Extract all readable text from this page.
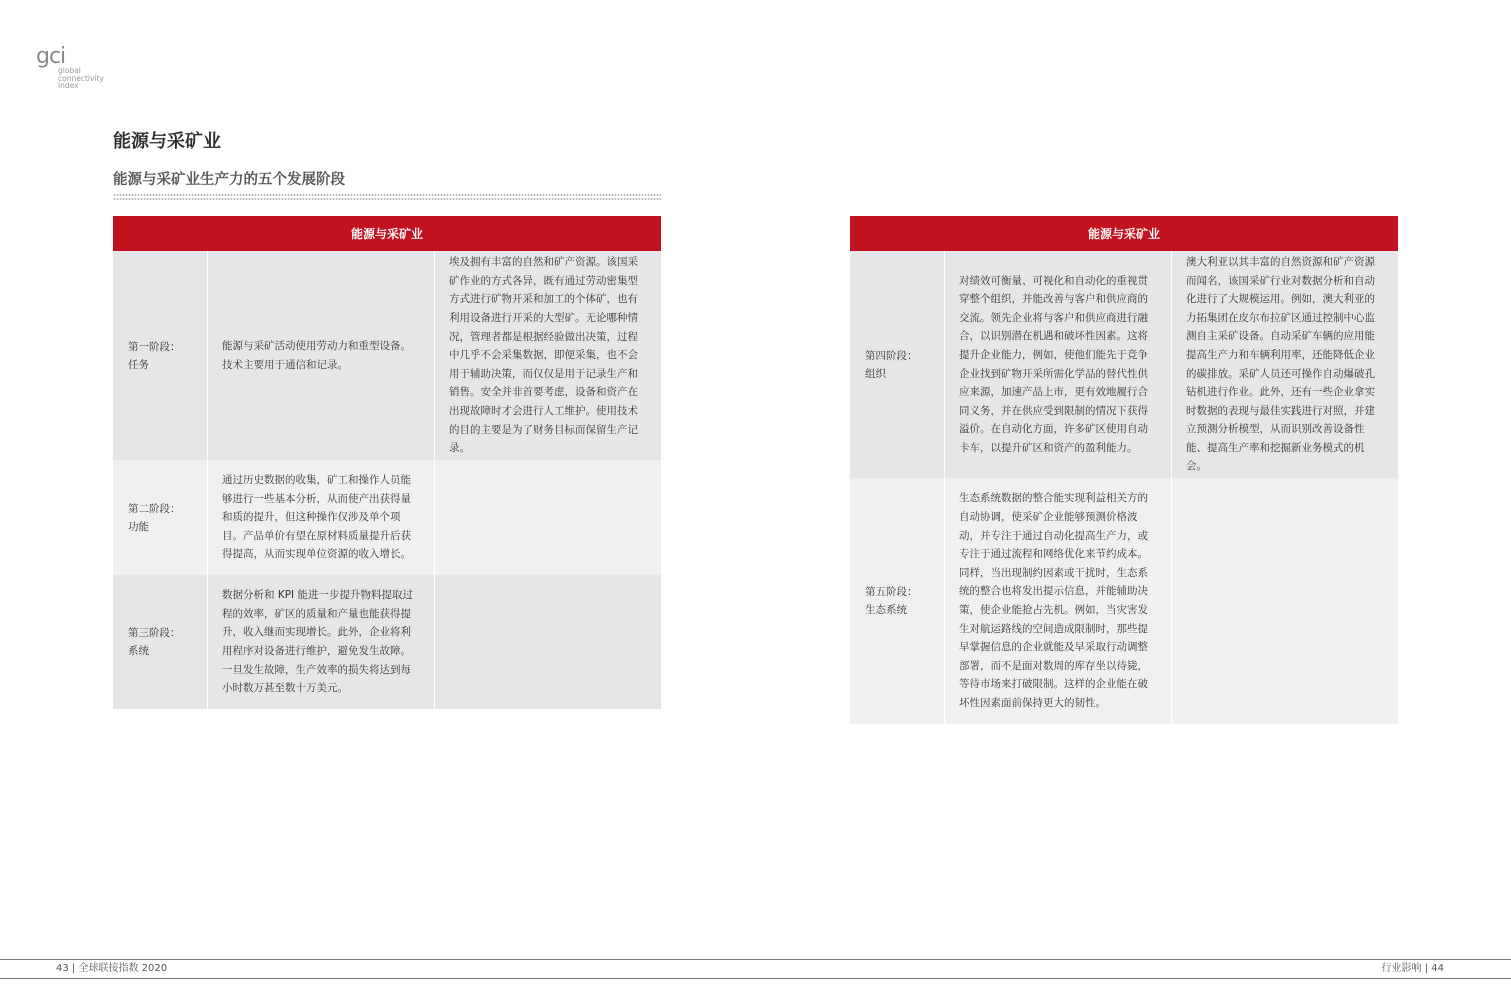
gci
global
connectivity
index
能源与采矿业
能源与采矿业生产力的五个发展阶段
能源与采矿业
第一阶段：
任务

能源与采矿活动使用劳动力和重型设备。技术主要用于通信和记录。

埃及拥有丰富的自然和矿产资源。该国采矿作业的方式各异，既有通过劳动密集型方式进行矿物开采和加工的个体矿，也有利用设备进行开采的大型矿。无论哪种情况，管理者都是根据经验做出决策，过程中几乎不会采集数据，即便采集，也不会用于辅助决策，而仅仅是用于记录生产和销售。安全并非首要考虑，设备和资产在出现故障时才会进行人工维护。使用技术的目的主要是为了财务目标而保留生产记录。

第二阶段：
功能

通过历史数据的收集，矿工和操作人员能够进行一些基本分析，从而使产出获得量和质的提升，但这种操作仅涉及单个项目。产品单价有望在原材料质量提升后获得提高，从而实现单位资源的收入增长。

第三阶段：
系统

数据分析和 KPI 能进一步提升物料提取过程的效率，矿区的质量和产量也能获得提升，收入继而实现增长。此外，企业将利用程序对设备进行维护，避免发生故障。一旦发生故障，生产效率的损失将达到每小时数万甚至数十万美元。

能源与采矿业
第四阶段：
组织

对绩效可衡量、可视化和自动化的重视贯穿整个组织，并能改善与客户和供应商的交流。领先企业将与客户和供应商进行融合，以识别潜在机遇和破坏性因素。这将提升企业能力，例如，使他们能先于竞争企业找到矿物开采所需化学品的替代性供应来源，加速产品上市，更有效地履行合同义务，并在供应受到限制的情况下获得溢价。在自动化方面，许多矿区使用自动卡车，以提升矿区和资产的盈利能力。

澳大利亚以其丰富的自然资源和矿产资源而闻名，该国采矿行业对数据分析和自动化进行了大规模运用。例如，澳大利亚的力拓集团在皮尔布拉矿区通过控制中心监测自主采矿设备。自动采矿车辆的应用能提高生产力和车辆利用率，还能降低企业的碳排放。采矿人员还可操作自动爆破孔钻机进行作业。此外，还有一些企业拿实时数据的表现与最佳实践进行对照，并建立预测分析模型，从而识别改善设备性能、提高生产率和挖掘新业务模式的机会。

第五阶段：
生态系统

生态系统数据的整合能实现利益相关方的自动协调，使采矿企业能够预测价格波动，并专注于通过自动化提高生产力，或专注于通过流程和网络优化来节约成本。同样，当出现制约因素或干扰时，生态系统的整合也将发出提示信息，并能辅助决策，使企业能抢占先机。例如，当灾害发生对航运路线的空间造成限制时，那些提早掌握信息的企业就能及早采取行动调整部署，而不是面对数周的库存坐以待毙，等待市场来打破限制。这样的企业能在破坏性因素面前保持更大的韧性。

43 | 全球联接指数 2020	行业影响 | 44
